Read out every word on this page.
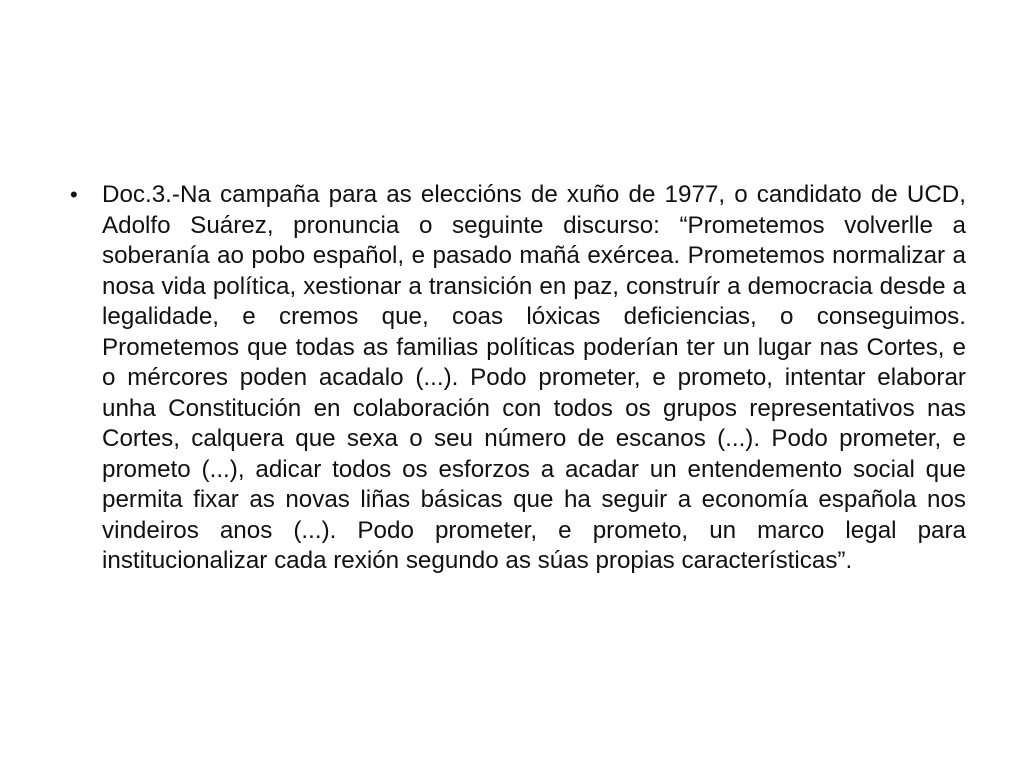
• Doc.3.-Na campaña para as eleccións de xuño de 1977, o candidato de UCD, Adolfo Suárez, pronuncia o seguinte discurso: “Prometemos volverlle a soberanía ao pobo español, e pasado mañá exércea. Prometemos normalizar a nosa vida política, xestionar a transición en paz, construír a democracia desde a legalidade, e cremos que, coas lóxicas deficiencias, o conseguimos. Prometemos que todas as familias políticas poderían ter un lugar nas Cortes, e o mércores poden acadalo (...). Podo prometer, e prometo, intentar elaborar unha Constitución en colaboración con todos os grupos representativos nas Cortes, calquera que sexa o seu número de escanos (...). Podo prometer, e prometo (...), adicar todos os esforzos a acadar un entendemento social que permita fixar as novas liñas básicas que ha seguir a economía española nos vindeiros anos (...). Podo prometer, e prometo, un marco legal para institucionalizar cada rexión segundo as súas propias características”.
